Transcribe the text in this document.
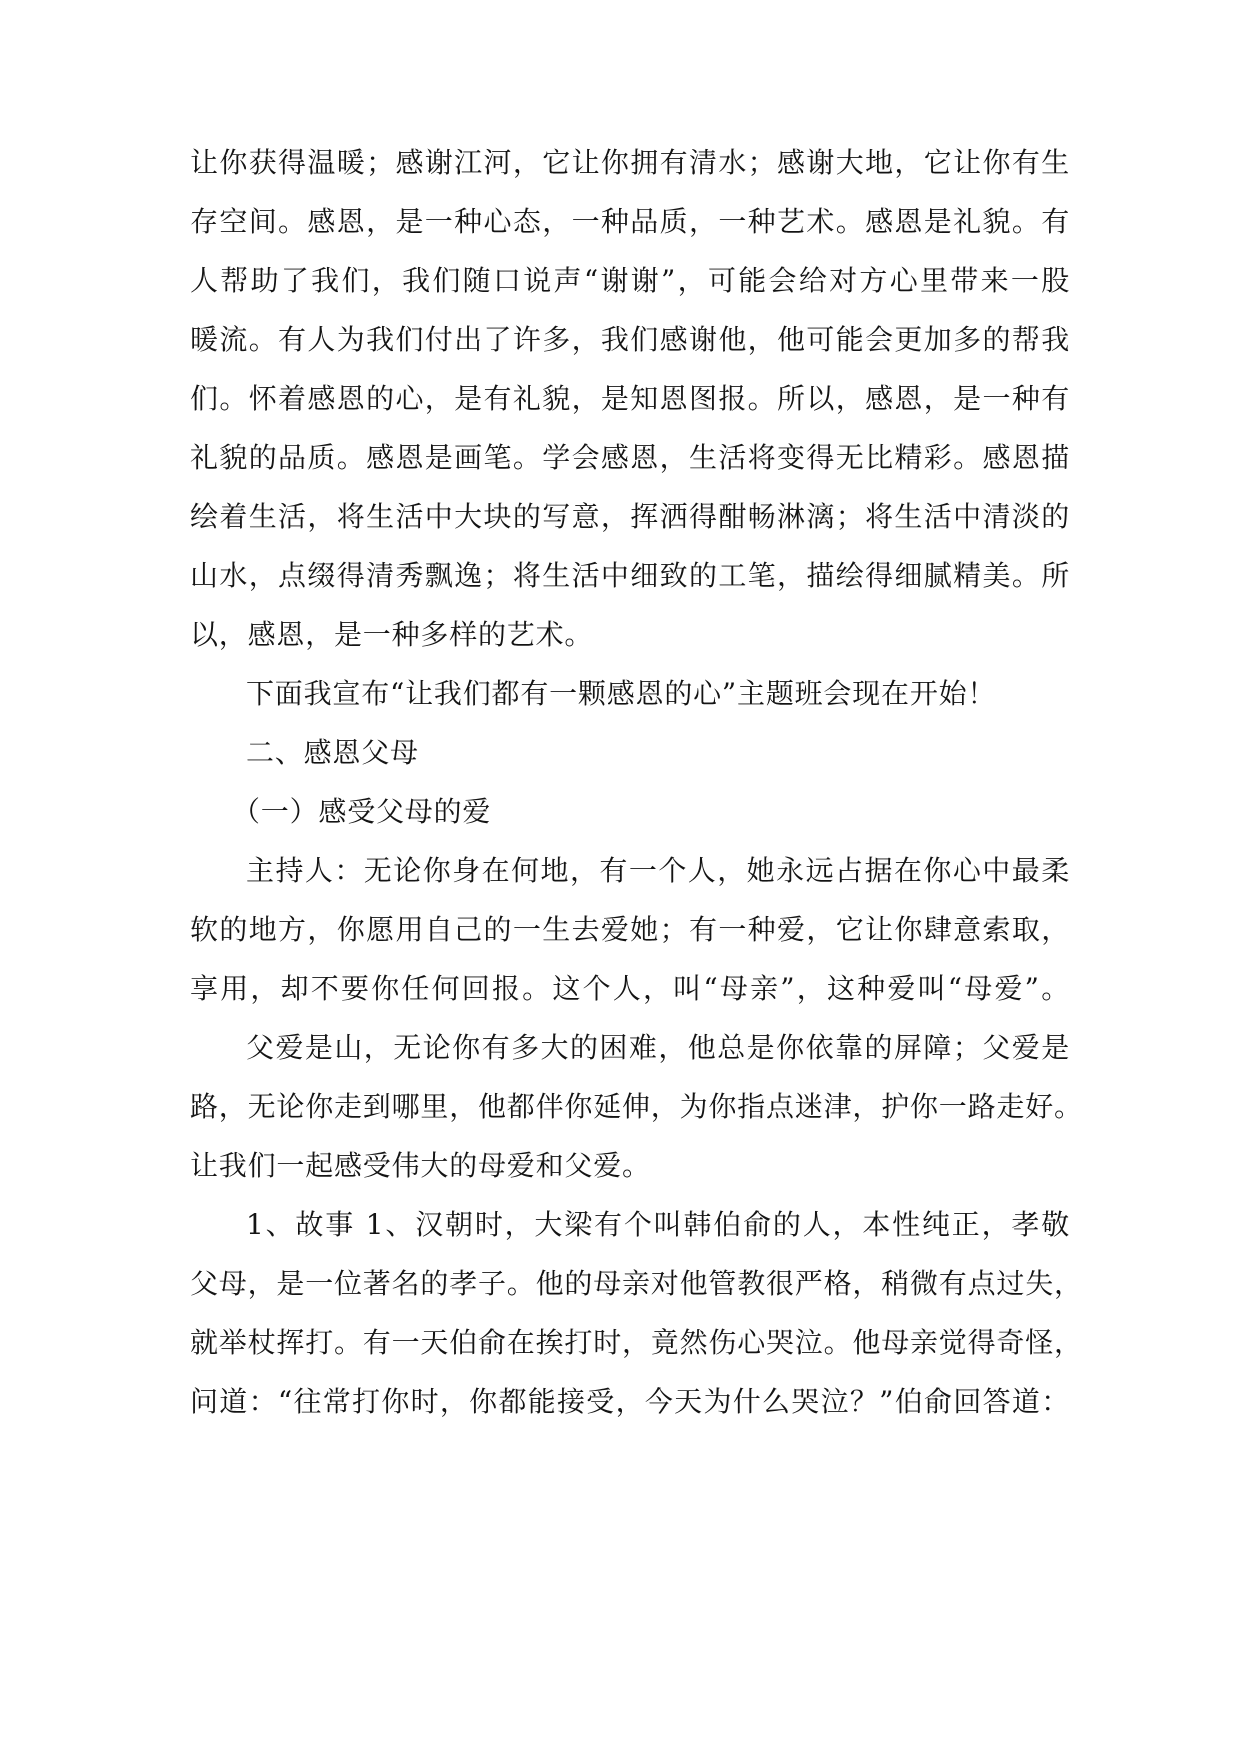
让你获得温暖；感谢江河，它让你拥有清水；感谢大地，它让你有生
存空间。感恩，是一种心态，一种品质，一种艺术。感恩是礼貌。有
人帮助了我们，我们随口说声“谢谢”，可能会给对方心里带来一股
暖流。有人为我们付出了许多，我们感谢他，他可能会更加多的帮我
们。怀着感恩的心，是有礼貌，是知恩图报。所以，感恩，是一种有
礼貌的品质。感恩是画笔。学会感恩，生活将变得无比精彩。感恩描
绘着生活，将生活中大块的写意，挥洒得酣畅淋漓；将生活中清淡的
山水，点缀得清秀飘逸；将生活中细致的工笔，描绘得细腻精美。所
以，感恩，是一种多样的艺术。
下面我宣布“让我们都有一颗感恩的心”主题班会现在开始！
二、感恩父母
（一）感受父母的爱
主持人：无论你身在何地，有一个人，她永远占据在你心中最柔
软的地方，你愿用自己的一生去爱她；有一种爱，它让你肆意索取，
享用，却不要你任何回报。这个人，叫“母亲”，这种爱叫“母爱”。
父爱是山，无论你有多大的困难，他总是你依靠的屏障；父爱是
路，无论你走到哪里，他都伴你延伸，为你指点迷津，护你一路走好。
让我们一起感受伟大的母爱和父爱。
1、故事 1、汉朝时，大梁有个叫韩伯俞的人，本性纯正，孝敬
父母，是一位著名的孝子。他的母亲对他管教很严格，稍微有点过失，
就举杖挥打。有一天伯俞在挨打时，竟然伤心哭泣。他母亲觉得奇怪，
问道：“往常打你时，你都能接受，今天为什么哭泣？”伯俞回答道：
